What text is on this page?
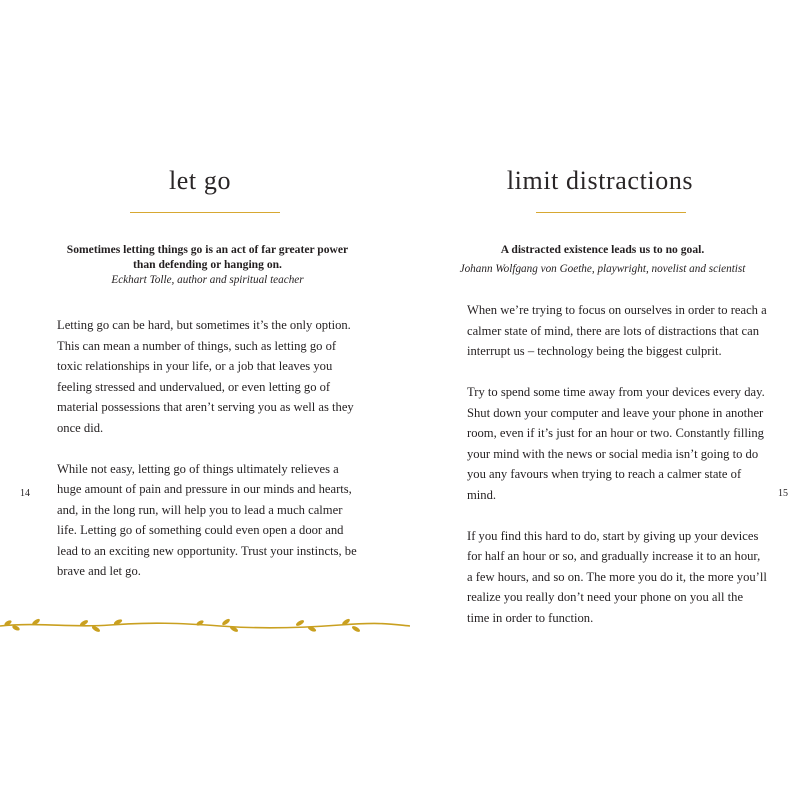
let go

Sometimes letting things go is an act of far greater power than defending or hanging on.

Eckhart Tolle, author and spiritual teacher

Letting go can be hard, but sometimes it’s the only option. This can mean a number of things, such as letting go of toxic relationships in your life, or a job that leaves you feeling stressed and undervalued, or even letting go of material possessions that aren’t serving you as well as they once did.

While not easy, letting go of things ultimately relieves a huge amount of pain and pressure in our minds and hearts, and, in the long run, will help you to lead a much calmer life. Letting go of something could even open a door and lead to an exciting new opportunity. Trust your instincts, be brave and let go.

14
limit distractions

A distracted existence leads us to no goal.

Johann Wolfgang von Goethe, playwright, novelist and scientist

When we’re trying to focus on ourselves in order to reach a calmer state of mind, there are lots of distractions that can interrupt us – technology being the biggest culprit.

Try to spend some time away from your devices every day. Shut down your computer and leave your phone in another room, even if it’s just for an hour or two. Constantly filling your mind with the news or social media isn’t going to do you any favours when trying to reach a calmer state of mind.

If you find this hard to do, start by giving up your devices for half an hour or so, and gradually increase it to an hour, a few hours, and so on. The more you do it, the more you’ll realize you really don’t need your phone on you all the time in order to function.

15
